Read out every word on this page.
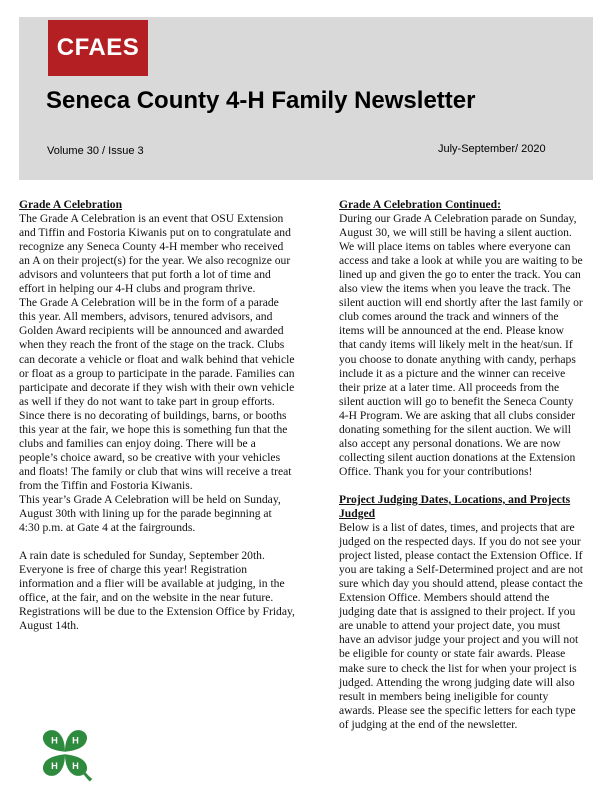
CFAES
Seneca County 4-H Family Newsletter
Volume 30 / Issue 3	July-September/ 2020

Grade A Celebration

The Grade A Celebration is an event that OSU Extension and Tiffin and Fostoria Kiwanis put on to congratulate and recognize any Seneca County 4-H member who received an A on their project(s) for the year. We also recognize our advisors and volunteers that put forth a lot of time and effort in helping our 4-H clubs and program thrive.

The Grade A Celebration will be in the form of a parade this year. All members, advisors, tenured advisors, and Golden Award recipients will be announced and awarded when they reach the front of the stage on the track. Clubs can decorate a vehicle or float and walk behind that vehicle or float as a group to participate in the parade. Families can participate and decorate if they wish with their own vehicle as well if they do not want to take part in group efforts. Since there is no decorating of buildings, barns, or booths this year at the fair, we hope this is something fun that the clubs and families can enjoy doing. There will be a people’s choice award, so be creative with your vehicles and floats! The family or club that wins will receive a treat from the Tiffin and Fostoria Kiwanis.

This year’s Grade A Celebration will be held on Sunday, August 30th with lining up for the parade beginning at 4:30 p.m. at Gate 4 at the fairgrounds.

A rain date is scheduled for Sunday, September 20th. Everyone is free of charge this year! Registration information and a flier will be available at judging, in the office, at the fair, and on the website in the near future. Registrations will be due to the Extension Office by Friday, August 14th.

Grade A Celebration Continued:

During our Grade A Celebration parade on Sunday, August 30, we will still be having a silent auction. We will place items on tables where everyone can access and take a look at while you are waiting to be lined up and given the go to enter the track. You can also view the items when you leave the track. The silent auction will end shortly after the last family or club comes around the track and winners of the items will be announced at the end. Please know that candy items will likely melt in the heat/sun. If you choose to donate anything with candy, perhaps include it as a picture and the winner can receive their prize at a later time. All proceeds from the silent auction will go to benefit the Seneca County 4-H Program. We are asking that all clubs consider donating something for the silent auction. We will also accept any personal donations. We are now collecting silent auction donations at the Extension Office. Thank you for your contributions!

Project Judging Dates, Locations, and Projects Judged

Below is a list of dates, times, and projects that are judged on the respected days. If you do not see your project listed, please contact the Extension Office. If you are taking a Self-Determined project and are not sure which day you should attend, please contact the Extension Office. Members should attend the judging date that is assigned to their project. If you are unable to attend your project date, you must have an advisor judge your project and you will not be eligible for county or state fair awards. Please make sure to check the list for when your project is judged. Attending the wrong judging date will also result in members being ineligible for county awards. Please see the specific letters for each type of judging at the end of the newsletter.

H H
H H
